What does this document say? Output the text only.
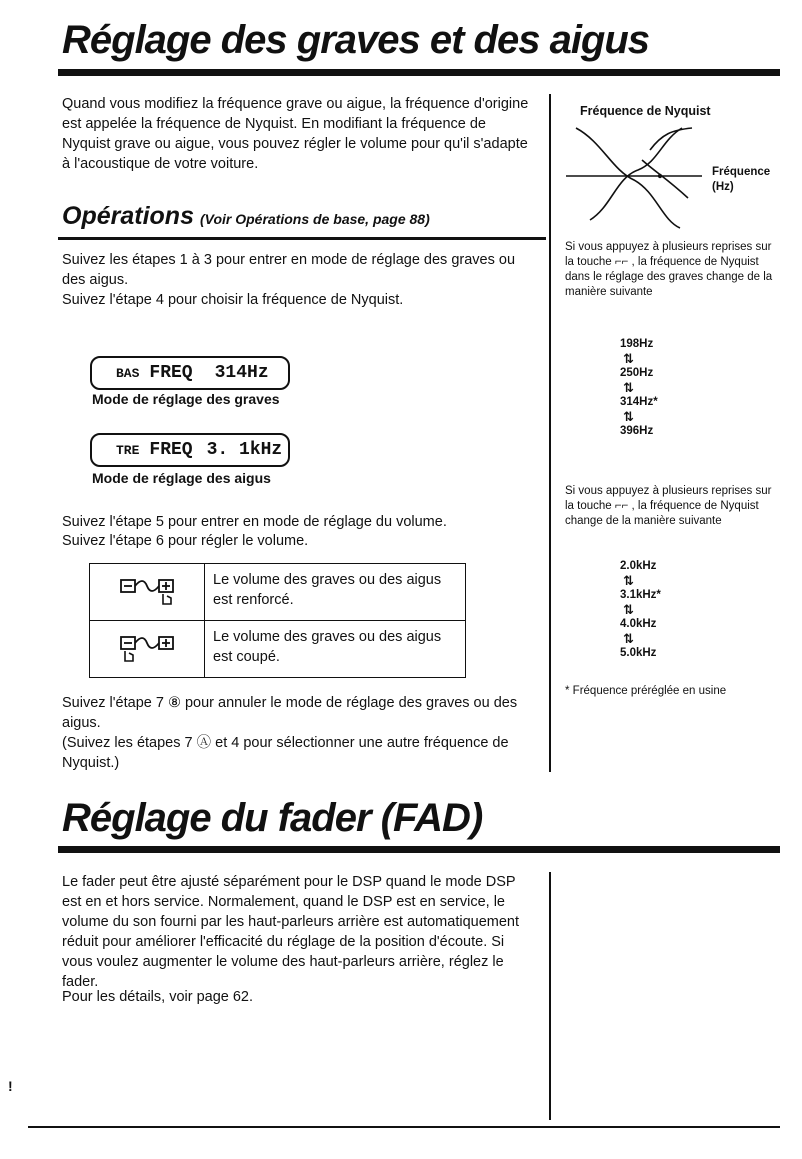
Réglage des graves et des aigus

Quand vous modifiez la fréquence grave ou aigue, la fréquence d'origine est appelée la fréquence de Nyquist. En modifiant la fréquence de Nyquist grave ou aigue, vous pouvez régler le volume pour qu'il s'adapte à l'acoustique de votre voiture.

Opérations (Voir Opérations de base, page 88)

Suivez les étapes 1 à 3 pour entrer en mode de réglage des graves ou des aigus.

Suivez l'étape 4 pour choisir la fréquence de Nyquist.

BAS FREQ 314Hz
Mode de réglage des graves
TRE FREQ 3. 1kHz
Mode de réglage des aigus

Suivez l'étape 5 pour entrer en mode de réglage du volume.

Suivez l'étape 6 pour régler le volume.

	Le volume des graves ou des aigus est renforcé.
	Le volume des graves ou des aigus est coupé.

Suivez l'étape 7 ⑧ pour annuler le mode de réglage des graves ou des aigus.

(Suivez les étapes 7 Ⓐ et 4 pour sélectionner une autre fréquence de Nyquist.)

Fréquence de Nyquist
Fréquence
(Hz)
Si vous appuyez à plusieurs reprises sur la touche ⌐⌐ , la fréquence de Nyquist dans le réglage des graves change de la manière suivante
198Hz
⇅
250Hz
⇅
314Hz*
⇅
396Hz
Si vous appuyez à plusieurs reprises sur la touche ⌐⌐ , la fréquence de Nyquist change de la manière suivante
2.0kHz
⇅
3.1kHz*
⇅
4.0kHz
⇅
5.0kHz
* Fréquence préréglée en usine
Réglage du fader (FAD)

Le fader peut être ajusté séparément pour le DSP quand le mode DSP est en et hors service. Normalement, quand le DSP est en service, le volume du son fourni par les haut-parleurs arrière est automatiquement réduit pour améliorer l'efficacité du réglage de la position d'écoute. Si vous voulez augmenter le volume des haut-parleurs arrière, réglez le fader.

Pour les détails, voir page 62.

!
